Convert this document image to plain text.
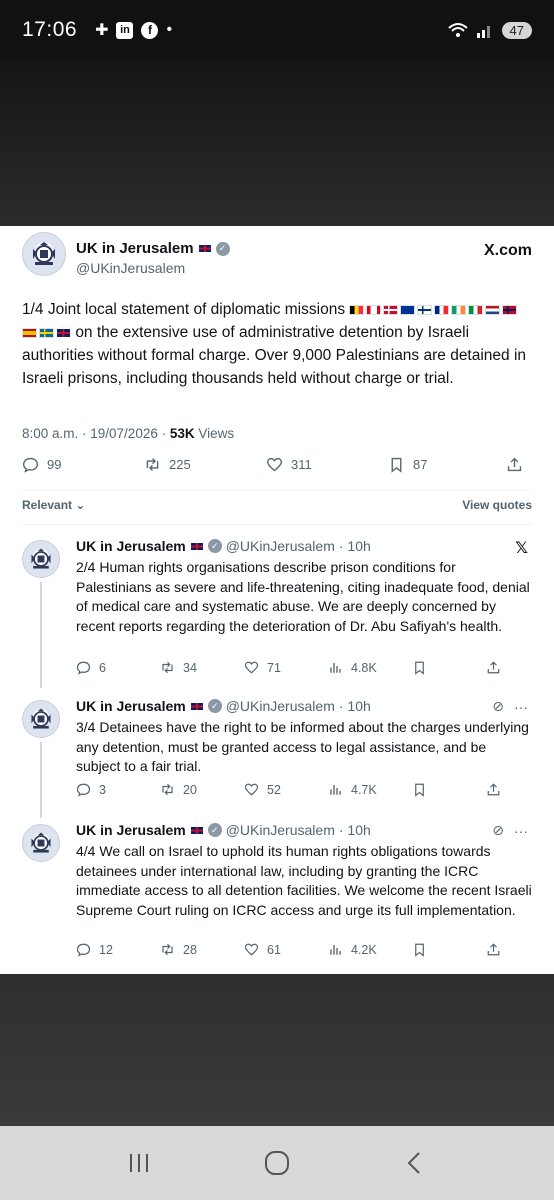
17:06 ✚	in	f •	47
UK in Jerusalem	✓
@UKinJerusalem
X.com
1/4 Joint local statement of diplomatic missions

on the extensive use of administrative detention by Israeli authorities without formal charge. Over 9,000 Palestinians are detained in Israeli prisons, including thousands held without charge or trial.
8:00 a.m. · 19/07/2026 · 53K Views
99	225	311	87
Relevant ⌄	View quotes
UK in Jerusalem	✓ @UKinJerusalem · 10h	𝕏
2/4 Human rights organisations describe prison conditions for Palestinians as severe and life-threatening, citing inadequate food, denial of medical care and systematic abuse. We are deeply concerned by recent reports regarding the deterioration of Dr. Abu Safiyah's health.
6	34	71	4.8K
UK in Jerusalem	✓ @UKinJerusalem · 10h	⊘ ···
3/4 Detainees have the right to be informed about the charges underlying any detention, must be granted access to legal assistance, and be subject to a fair trial.
3	20	52	4.7K
UK in Jerusalem	✓ @UKinJerusalem · 10h	⊘ ···
4/4 We call on Israel to uphold its human rights obligations towards detainees under international law, including by granting the ICRC immediate access to all detention facilities. We welcome the recent Israeli Supreme Court ruling on ICRC access and urge its full implementation.
12	28	61	4.2K
